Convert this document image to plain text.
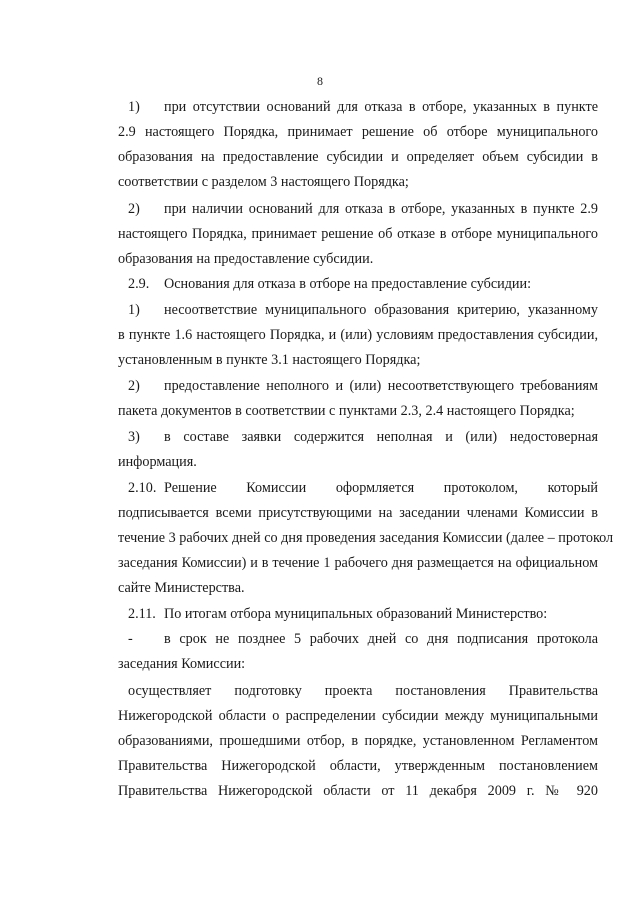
8
1)	при отсутствии оснований для отказа в отборе, указанных в пункте
2.9 настоящего Порядка, принимает решение об отборе муниципального
образования на предоставление субсидии и определяет объем субсидии в
соответствии с разделом 3 настоящего Порядка;
2)	при наличии оснований для отказа в отборе, указанных в пункте 2.9
настоящего Порядка, принимает решение об отказе в отборе муниципального
образования на предоставление субсидии.
2.9.	Основания для отказа в отборе на предоставление субсидии:
1)	несоответствие муниципального образования критерию, указанному
в пункте 1.6 настоящего Порядка, и (или) условиям предоставления субсидии,
установленным в пункте 3.1 настоящего Порядка;
2)	предоставление неполного и (или) несоответствующего требованиям
пакета документов в соответствии с пунктами 2.3, 2.4 настоящего Порядка;
3)	в составе заявки содержится неполная и (или) недостоверная
информация.
2.10. Решение Комиссии оформляется протоколом, который
подписывается всеми присутствующими на заседании членами Комиссии в
течение 3 рабочих дней со дня проведения заседания Комиссии (далее – протокол
заседания Комиссии) и в течение 1 рабочего дня размещается на официальном
сайте Министерства.
2.11. По итогам отбора муниципальных образований Министерство:
-	в срок не позднее 5 рабочих дней со дня подписания протокола
заседания Комиссии:
осуществляет подготовку проекта постановления Правительства
Нижегородской области о распределении субсидии между муниципальными
образованиями, прошедшими отбор, в порядке, установленном Регламентом
Правительства Нижегородской области, утвержденным постановлением
Правительства Нижегородской области от 11 декабря 2009 г. № 920
